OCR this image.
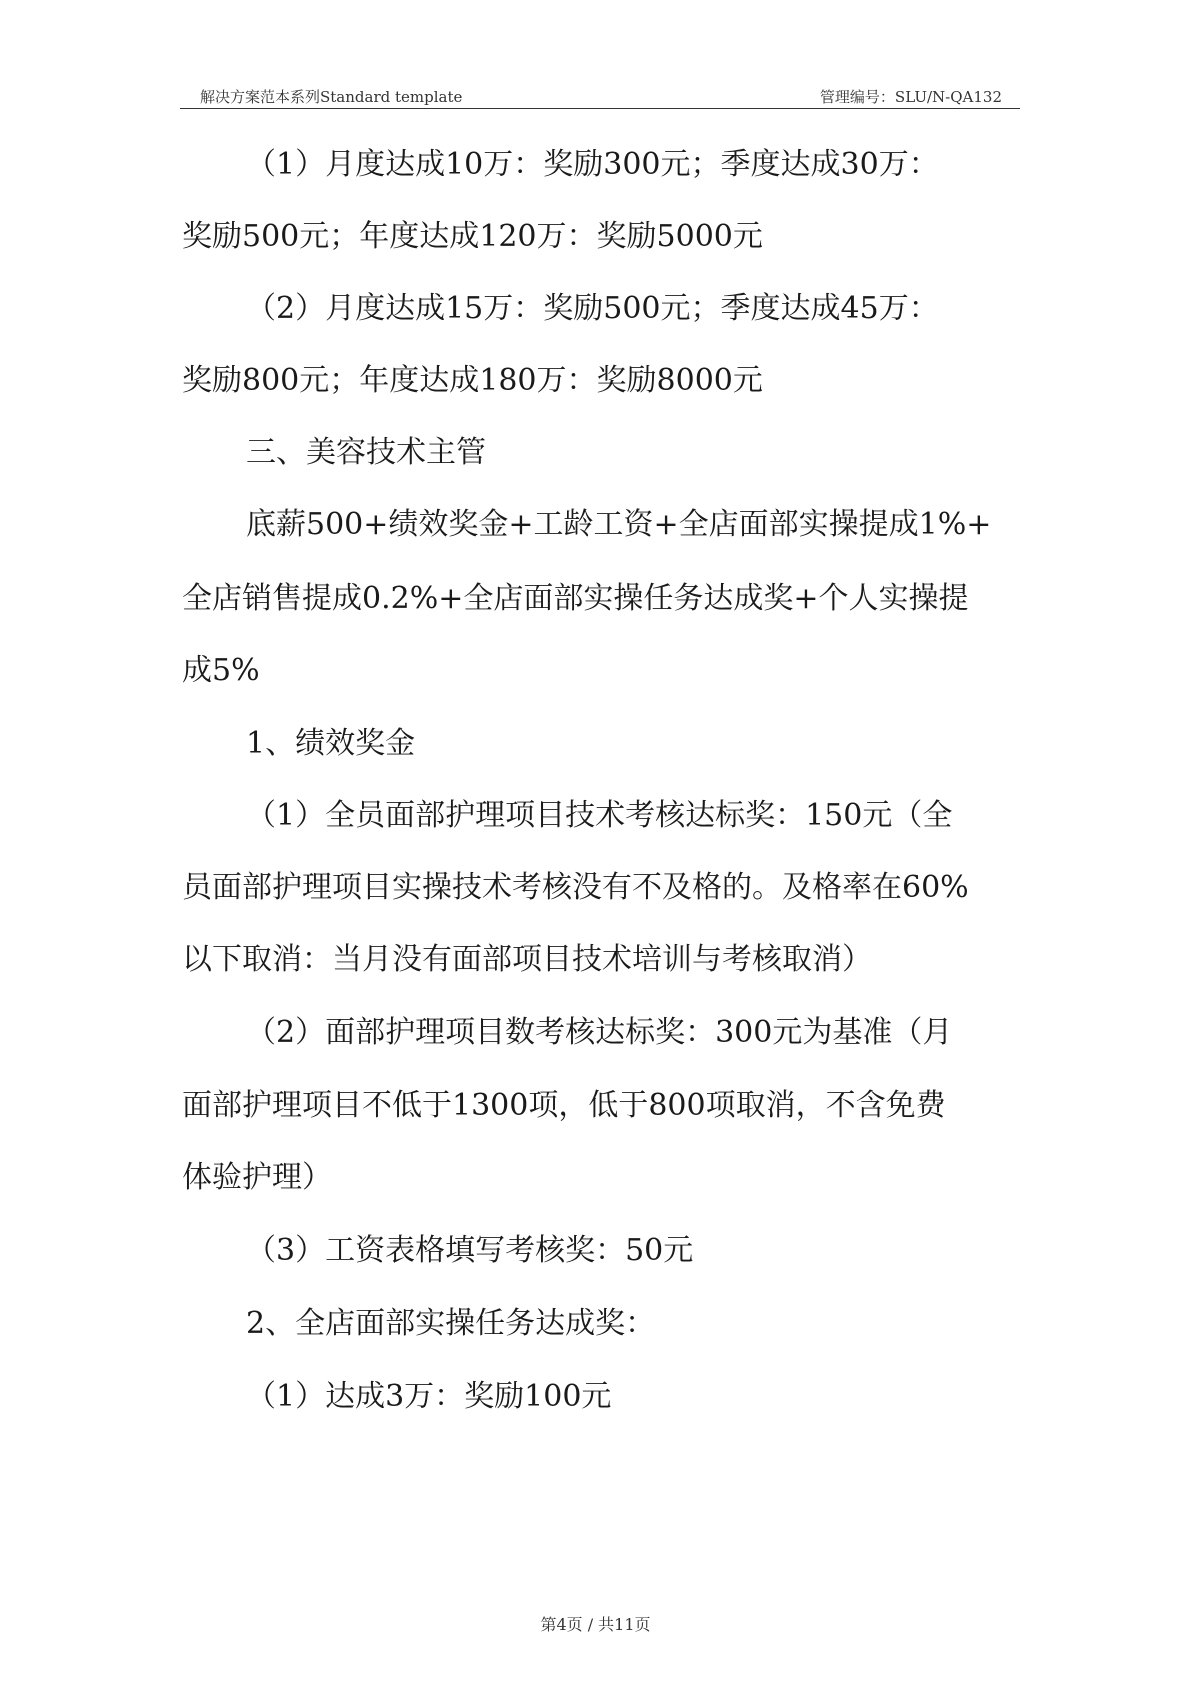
解决方案范本系列Standard template	管理编号：SLU/N-QA132
（1）月度达成10万：奖励300元；季度达成30万：
奖励500元；年度达成120万：奖励5000元
（2）月度达成15万：奖励500元；季度达成45万：
奖励800元；年度达成180万：奖励8000元
三、美容技术主管
底薪500+绩效奖金+工龄工资+全店面部实操提成1%+
全店销售提成0.2%+全店面部实操任务达成奖+个人实操提
成5%
1、绩效奖金
（1）全员面部护理项目技术考核达标奖：150元（全
员面部护理项目实操技术考核没有不及格的。及格率在60%
以下取消：当月没有面部项目技术培训与考核取消）
（2）面部护理项目数考核达标奖：300元为基准（月
面部护理项目不低于1300项，低于800项取消，不含免费
体验护理）
（3）工资表格填写考核奖：50元
2、全店面部实操任务达成奖：
（1）达成3万：奖励100元
第4页 / 共11页
